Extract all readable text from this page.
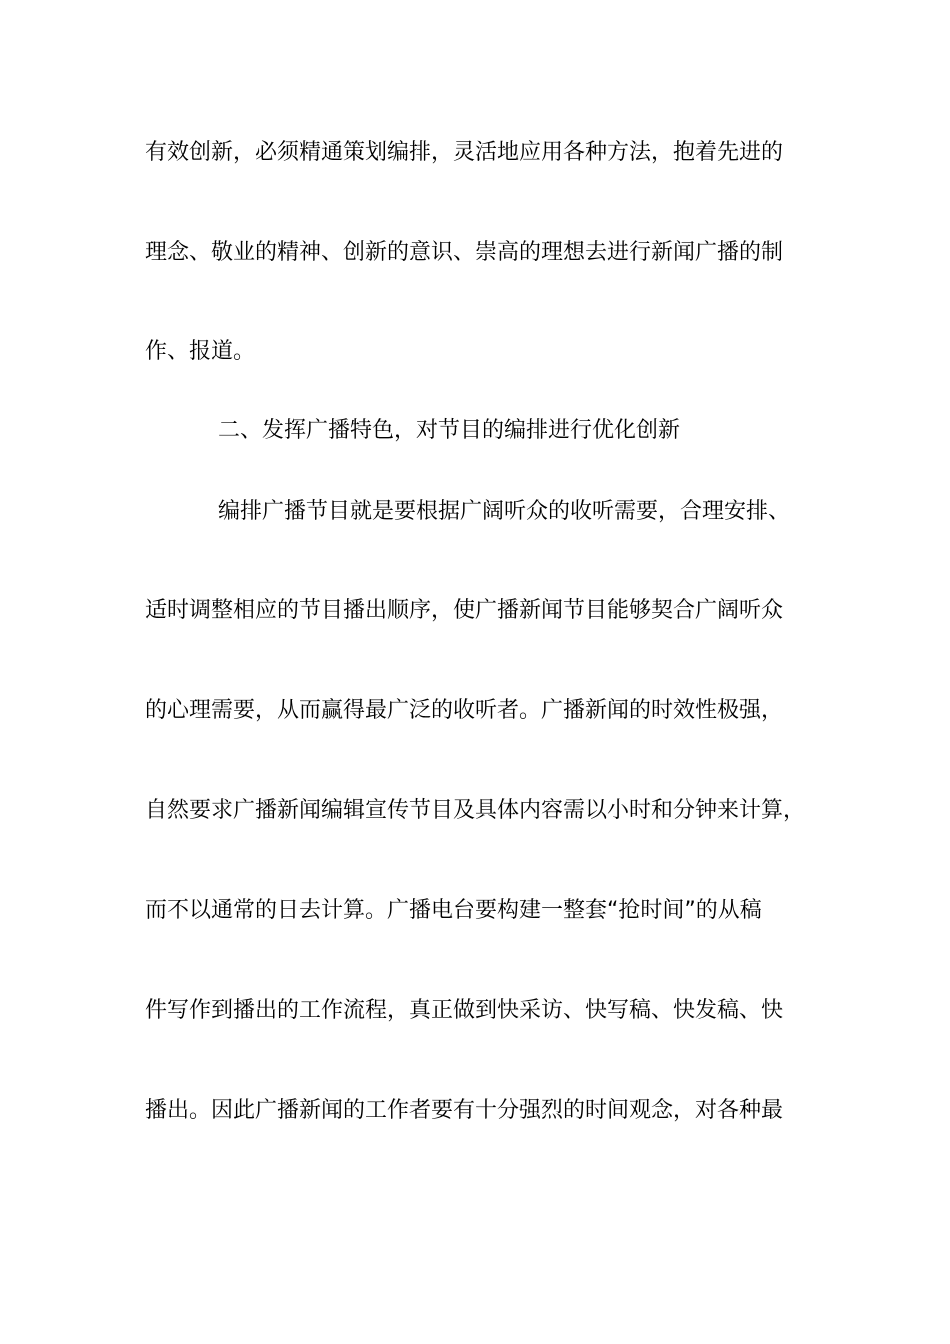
有效创新，必须精通策划编排，灵活地应用各种方法，抱着先进的
理念、敬业的精神、创新的意识、崇高的理想去进行新闻广播的制
作、报道。
二、发挥广播特色，对节目的编排进行优化创新
编排广播节目就是要根据广阔听众的收听需要，合理安排、
适时调整相应的节目播出顺序，使广播新闻节目能够契合广阔听众
的心理需要，从而赢得最广泛的收听者。广播新闻的时效性极强，
自然要求广播新闻编辑宣传节目及具体内容需以小时和分钟来计算，
而不以通常的日去计算。广播电台要构建一整套“抢时间”的从稿
件写作到播出的工作流程，真正做到快采访、快写稿、快发稿、快
播出。因此广播新闻的工作者要有十分强烈的时间观念，对各种最
